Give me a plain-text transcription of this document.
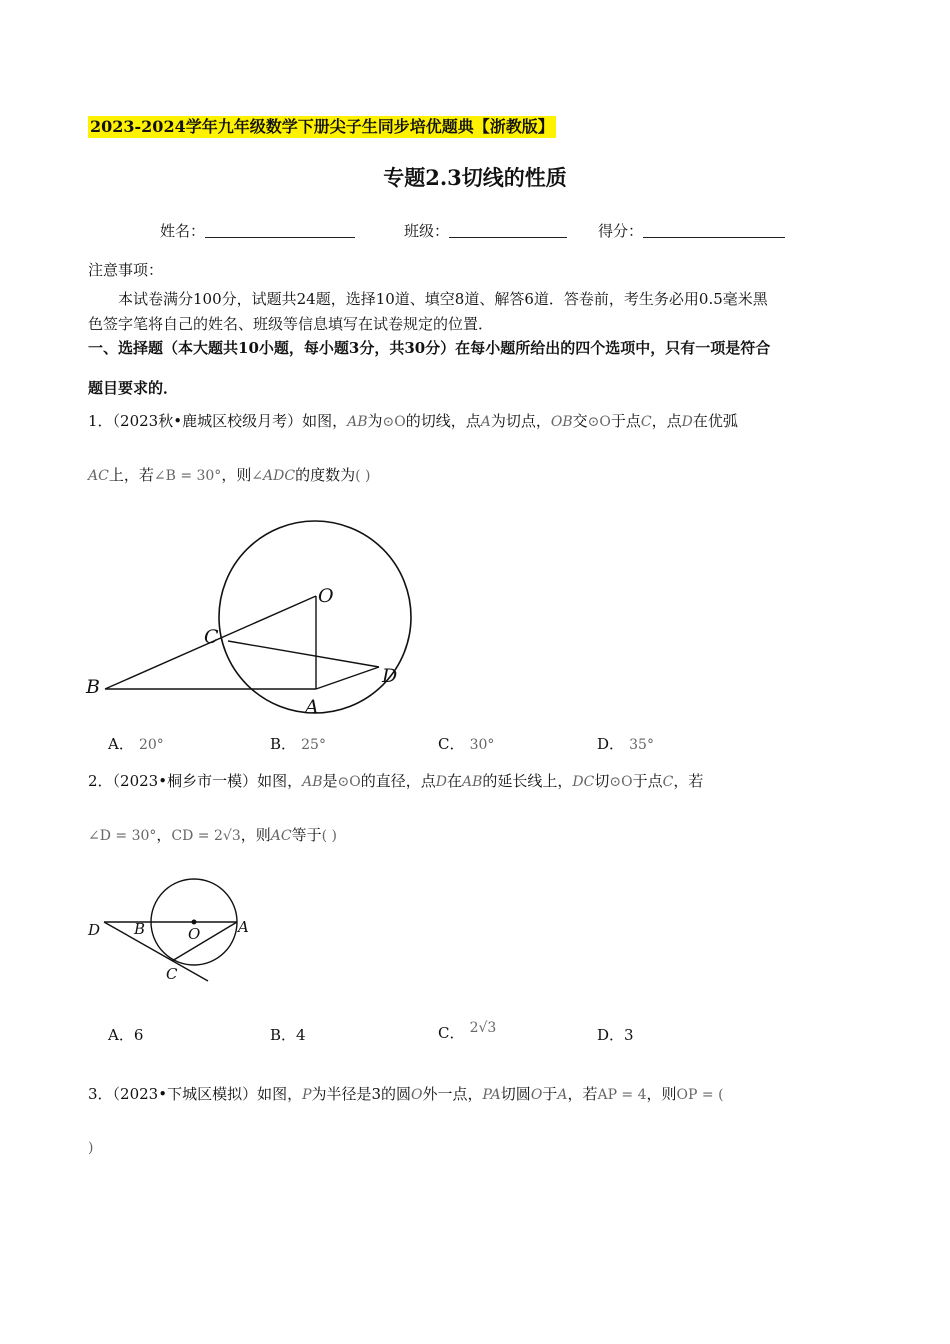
2023-2024学年九年级数学下册尖子生同步培优题典【浙教版】
专题2.3切线的性质
姓名：	班级：	得分：
注意事项：
本试卷满分100分，试题共24题，选择10道、填空8道、解答6道．答卷前，考生务必用0.5毫米黑
色签字笔将自己的姓名、班级等信息填写在试卷规定的位置．
一、选择题（本大题共10小题，每小题3分，共30分）在每小题所给出的四个选项中，只有一项是符合
题目要求的．
1．（2023秋•鹿城区校级月考）如图，AB为⊙O的切线，点A为切点，OB交⊙O于点C，点D在优弧
AC上，若∠B = 30°，则∠ADC的度数为( )
O
C
B
A
D
A． 20°	B． 25°	C． 30°	D． 35°
2．（2023•桐乡市一模）如图，AB是⊙O的直径，点D在AB的延长线上，DC切⊙O于点C，若
∠D = 30°，CD = 2√3，则AC等于( )
D B	O	A
C
A．6	B．4	C． 2√3	D．3
3．（2023•下城区模拟）如图，P为半径是3的圆O外一点，PA切圆O于A，若AP = 4，则OP = (
)
